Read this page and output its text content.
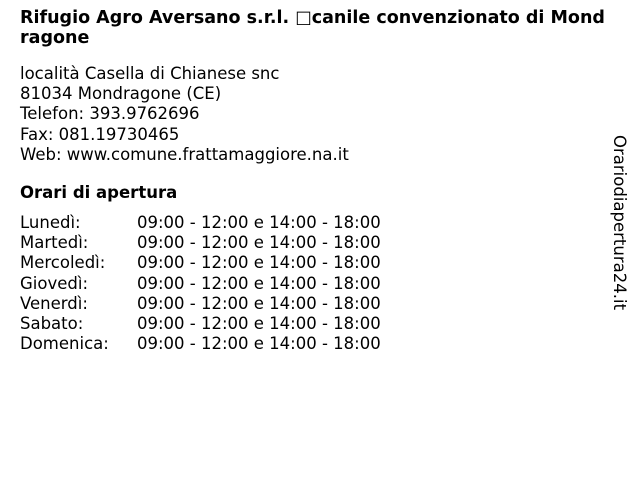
Rifugio Agro Aversano s.r.l. □canile convenzionato di Mondragone
località Casella di Chianese snc
81034 Mondragone (CE)
Telefon: 393.9762696
Fax: 081.19730465
Web: www.comune.frattamaggiore.na.it
Orari di apertura
Lunedì:	09:00 - 12:00 e 14:00 - 18:00
Martedì:	09:00 - 12:00 e 14:00 - 18:00
Mercoledì:	09:00 - 12:00 e 14:00 - 18:00
Giovedì:	09:00 - 12:00 e 14:00 - 18:00
Venerdì:	09:00 - 12:00 e 14:00 - 18:00
Sabato:	09:00 - 12:00 e 14:00 - 18:00
Domenica:	09:00 - 12:00 e 14:00 - 18:00
Orariodiapertura24.it
